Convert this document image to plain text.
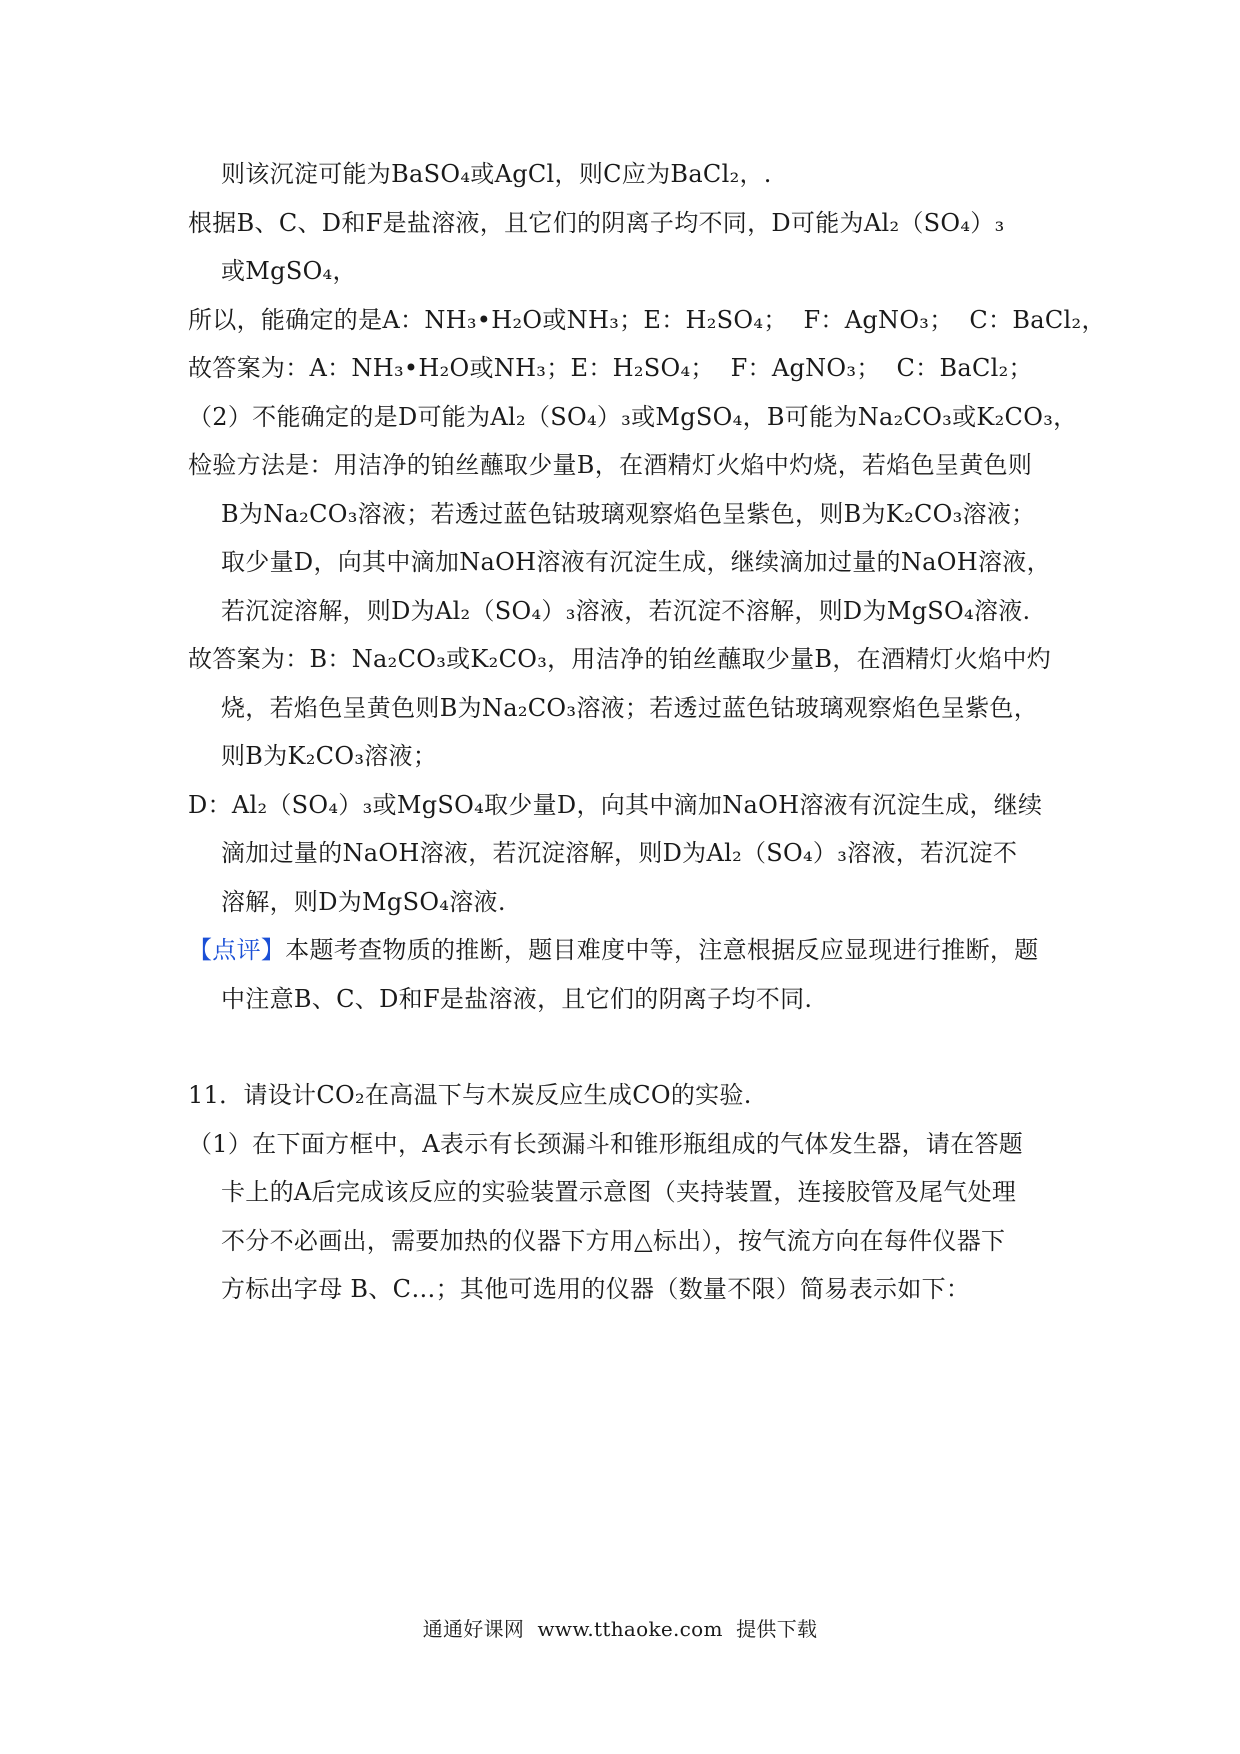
则该沉淀可能为BaSO₄或AgCl，则C应为BaCl₂，.
根据B、C、D和F是盐溶液，且它们的阴离子均不同，D可能为Al₂（SO₄）₃
或MgSO₄，
所以，能确定的是A：NH₃•H₂O或NH₃；E：H₂SO₄；  F：AgNO₃；  C：BaCl₂，
故答案为：A：NH₃•H₂O或NH₃；E：H₂SO₄；  F：AgNO₃；  C：BaCl₂；
（2）不能确定的是D可能为Al₂（SO₄）₃或MgSO₄，B可能为Na₂CO₃或K₂CO₃，
检验方法是：用洁净的铂丝蘸取少量B，在酒精灯火焰中灼烧，若焰色呈黄色则
B为Na₂CO₃溶液；若透过蓝色钴玻璃观察焰色呈紫色，则B为K₂CO₃溶液；
取少量D，向其中滴加NaOH溶液有沉淀生成，继续滴加过量的NaOH溶液，
若沉淀溶解，则D为Al₂（SO₄）₃溶液，若沉淀不溶解，则D为MgSO₄溶液.
故答案为：B：Na₂CO₃或K₂CO₃，用洁净的铂丝蘸取少量B，在酒精灯火焰中灼
烧，若焰色呈黄色则B为Na₂CO₃溶液；若透过蓝色钴玻璃观察焰色呈紫色，
则B为K₂CO₃溶液；
D：Al₂（SO₄）₃或MgSO₄取少量D，向其中滴加NaOH溶液有沉淀生成，继续
滴加过量的NaOH溶液，若沉淀溶解，则D为Al₂（SO₄）₃溶液，若沉淀不
溶解，则D为MgSO₄溶液.
【点评】本题考查物质的推断，题目难度中等，注意根据反应显现进行推断，题
中注意B、C、D和F是盐溶液，且它们的阴离子均不同.
11．请设计CO₂在高温下与木炭反应生成CO的实验.
（1）在下面方框中，A表示有长颈漏斗和锥形瓶组成的气体发生器，请在答题
卡上的A后完成该反应的实验装置示意图（夹持装置，连接胶管及尾气处理
不分不必画出，需要加热的仪器下方用△标出），按气流方向在每件仪器下
方标出字母 B、C…；其他可选用的仪器（数量不限）简易表示如下：
通通好课网  www.tthaoke.com  提供下载
